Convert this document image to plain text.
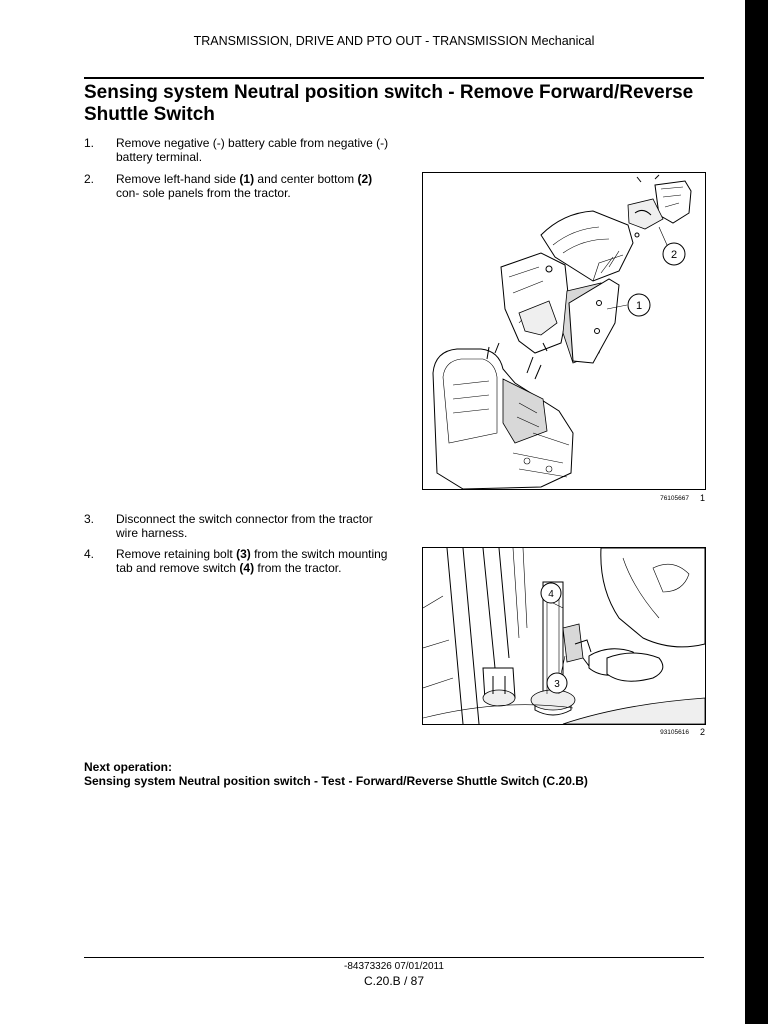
TRANSMISSION, DRIVE AND PTO OUT - TRANSMISSION Mechanical
Sensing system Neutral position switch - Remove Forward/Reverse Shuttle Switch
1.	Remove negative (-) battery cable from negative (-) battery terminal.
2.	Remove left-hand side (1) and center bottom (2) con- sole panels from the tractor.
1
2
76105667 1
3.	Disconnect the switch connector from the tractor wire harness.
4.	Remove retaining bolt (3) from the switch mounting tab and remove switch (4) from the tractor.
4
3
93105616 2
Next operation:
Sensing system Neutral position switch - Test - Forward/Reverse Shuttle Switch (C.20.B)
-84373326 07/01/2011
C.20.B / 87
